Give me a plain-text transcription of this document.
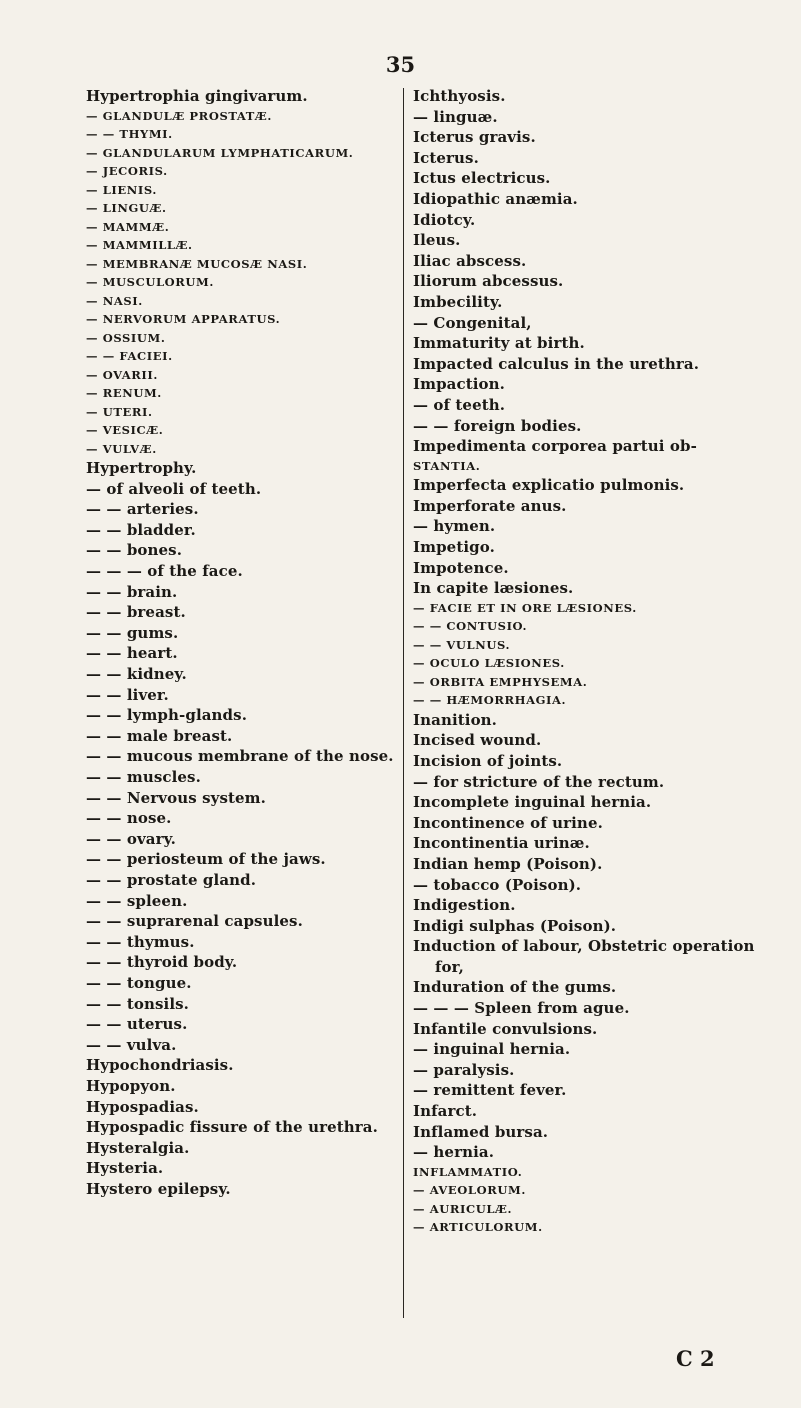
35
Hypertrophia gingivarum.
— GLANDULÆ PROSTATÆ.
— — THYMI.
— GLANDULARUM LYMPHATICARUM.
— JECORIS.
— LIENIS.
— LINGUÆ.
— MAMMÆ.
— MAMMILLÆ.
— MEMBRANÆ MUCOSÆ NASI.
— MUSCULORUM.
— NASI.
— NERVORUM APPARATUS.
— OSSIUM.
— — FACIEI.
— OVARII.
— RENUM.
— UTERI.
— VESICÆ.
— VULVÆ.
Hypertrophy.
— of alveoli of teeth.
— — arteries.
— — bladder.
— — bones.
— — — of the face.
— — brain.
— — breast.
— — gums.
— — heart.
— — kidney.
— — liver.
— — lymph-glands.
— — male breast.
— — mucous membrane of the nose.
— — muscles.
— — Nervous system.
— — nose.
— — ovary.
— — periosteum of the jaws.
— — prostate gland.
— — spleen.
— — suprarenal capsules.
— — thymus.
— — thyroid body.
— — tongue.
— — tonsils.
— — uterus.
— — vulva.
Hypochondriasis.
Hypopyon.
Hypospadias.
Hypospadic fissure of the urethra.
Hysteralgia.
Hysteria.
Hystero epilepsy.
Ichthyosis.
— linguæ.
Icterus gravis.
Icterus.
Ictus electricus.
Idiopathic anæmia.
Idiotcy.
Ileus.
Iliac abscess.
Iliorum abcessus.
Imbecility.
— Congenital,
Immaturity at birth.
Impacted calculus in the urethra.
Impaction.
— of teeth.
— — foreign bodies.
Impedimenta corporea partui ob-
STANTIA.
Imperfecta explicatio pulmonis.
Imperforate anus.
— hymen.
Impetigo.
Impotence.
In capite læsiones.
— FACIE ET IN ORE LÆSIONES.
— — CONTUSIO.
— — VULNUS.
— OCULO LÆSIONES.
— ORBITA EMPHYSEMA.
— — HÆMORRHAGIA.
Inanition.
Incised wound.
Incision of joints.
— for stricture of the rectum.
Incomplete inguinal hernia.
Incontinence of urine.
Incontinentia urinæ.
Indian hemp (Poison).
— tobacco (Poison).
Indigestion.
Indigi sulphas (Poison).
Induction of labour, Obstetric operation
for,
Induration of the gums.
— — — Spleen from ague.
Infantile convulsions.
— inguinal hernia.
— paralysis.
— remittent fever.
Infarct.
Inflamed bursa.
— hernia.
INFLAMMATIO.
— AVEOLORUM.
— AURICULÆ.
— ARTICULORUM.
C 2
